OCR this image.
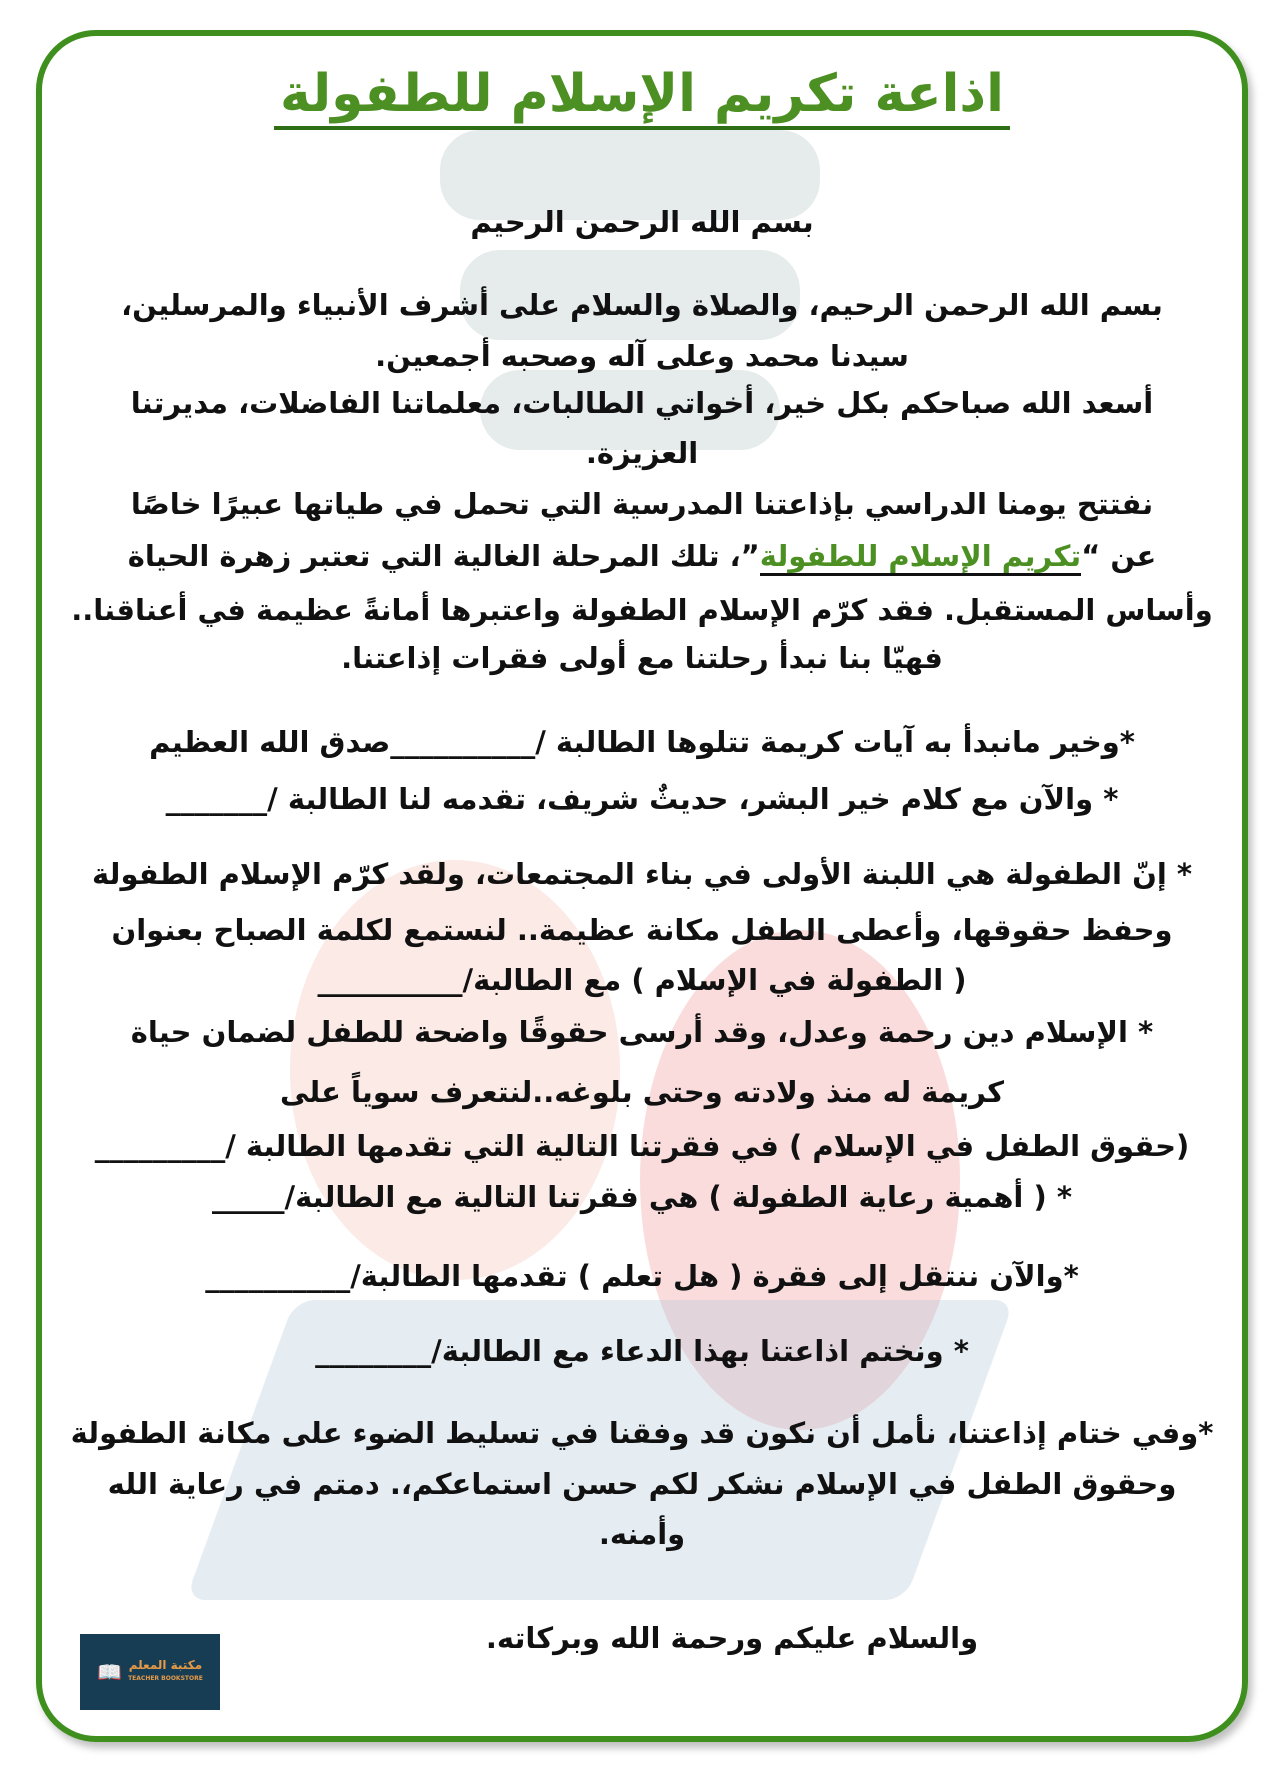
اذاعة تكريم الإسلام للطفولة
بسم الله الرحمن الرحيم
بسم الله الرحمن الرحيم، والصلاة والسلام على أشرف الأنبياء والمرسلين،
سيدنا محمد وعلى آله وصحبه أجمعين.
أسعد الله صباحكم بكل خير، أخواتي الطالبات، معلماتنا الفاضلات، مديرتنا
العزيزة.
نفتتح يومنا الدراسي بإذاعتنا المدرسية التي تحمل في طياتها عبيرًا خاصًا
عن “تكريم الإسلام للطفولة”، تلك المرحلة الغالية التي تعتبر زهرة الحياة
وأساس المستقبل. فقد كرّم الإسلام الطفولة واعتبرها أمانةً عظيمة في أعناقنا..
فهيّا بنا نبدأ رحلتنا مع أولى فقرات إذاعتنا.
*وخير مانبدأ به آيات كريمة تتلوها الطالبة /__________صدق الله العظيم
* والآن مع كلام خير البشر، حديثٌ شريف، تقدمه لنا الطالبة /_______
* إنّ الطفولة هي اللبنة الأولى في بناء المجتمعات، ولقد كرّم الإسلام الطفولة
وحفظ حقوقها، وأعطى الطفل مكانة عظيمة.. لنستمع لكلمة الصباح بعنوان
( الطفولة في الإسلام ) مع الطالبة/__________
* الإسلام دين رحمة وعدل، وقد أرسى حقوقًا واضحة للطفل لضمان حياة
كريمة له منذ ولادته وحتى بلوغه..لنتعرف سوياً على
(حقوق الطفل في الإسلام ) في فقرتنا التالية التي تقدمها الطالبة /_________
* ( أهمية رعاية الطفولة ) هي فقرتنا التالية مع الطالبة/_____
*والآن ننتقل إلى فقرة ( هل تعلم ) تقدمها الطالبة/__________
* ونختم اذاعتنا بهذا الدعاء مع الطالبة/________
*وفي ختام إذاعتنا، نأمل أن نكون قد وفقنا في تسليط الضوء على مكانة الطفولة
وحقوق الطفل في الإسلام نشكر لكم حسن استماعكم،. دمتم في رعاية الله
وأمنه.
والسلام عليكم ورحمة الله وبركاته.
📖 مكتبة المعلم
TEACHER BOOKSTORE
